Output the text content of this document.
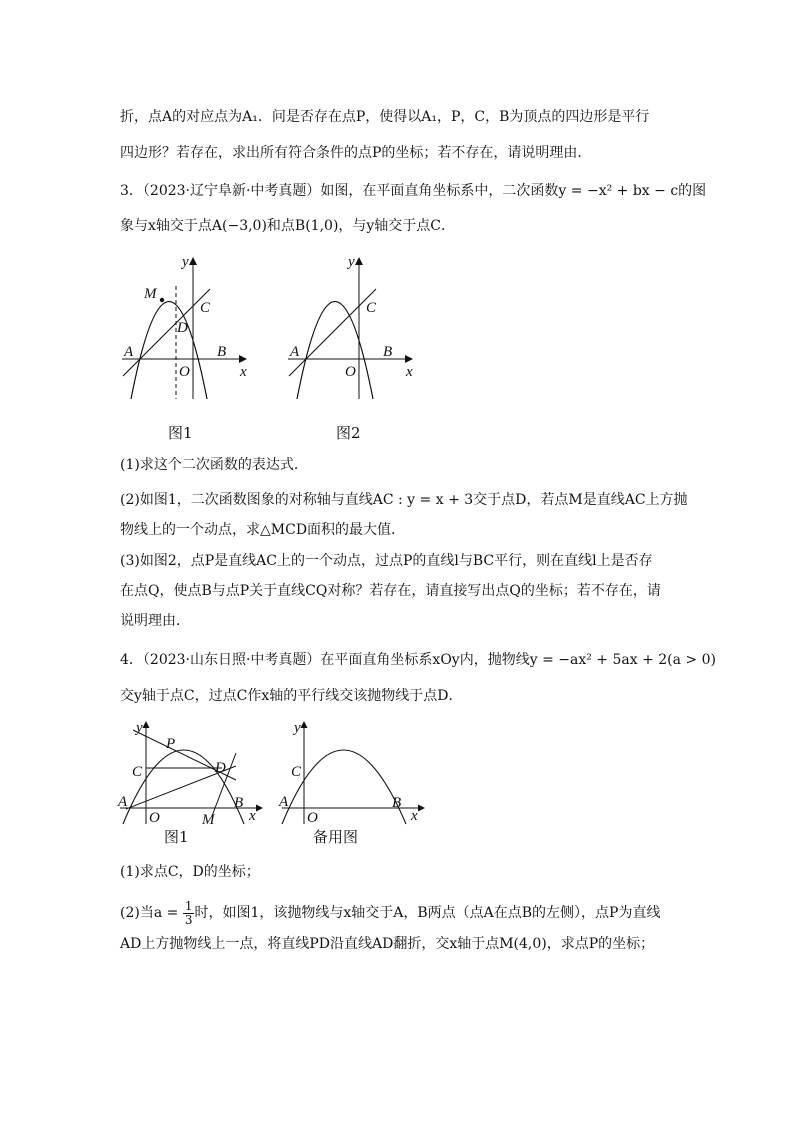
折，点A的对应点为A₁．问是否存在点P，使得以A₁，P，C，B为顶点的四边形是平行
四边形？若存在，求出所有符合条件的点P的坐标；若不存在，请说明理由．
3．（2023·辽宁阜新·中考真题）如图，在平面直角坐标系中，二次函数y = −x² + bx − c的图
象与x轴交于点A(−3,0)和点B(1,0)，与y轴交于点C．
y
x
M
C
D
A	B
O
图1
y
x
C
A	B
O
图2
(1)求这个二次函数的表达式．
(2)如图1，二次函数图象的对称轴与直线AC : y = x + 3交于点D，若点M是直线AC上方抛
物线上的一个动点，求△MCD面积的最大值．
(3)如图2，点P是直线AC上的一个动点，过点P的直线l与BC平行，则在直线l上是否存
在点Q，使点B与点P关于直线CQ对称？若存在，请直接写出点Q的坐标；若不存在，请
说明理由．
4．（2023·山东日照·中考真题）在平面直角坐标系xOy内，抛物线y = −ax² + 5ax + 2(a > 0)
交y轴于点C，过点C作x轴的平行线交该抛物线于点D．
y
x
P
C	D
A	B
O	M
图1
y
x
C
A	B
O
备用图
(1)求点C，D的坐标；
(2)当$a = \frac{1}{3}$ 时，如图1，该抛物线与x轴交于A，B两点（点A在点B的左侧），点P为直线
AD上方抛物线上一点，将直线PD沿直线AD翻折，交x轴于点M(4,0)，求点P的坐标；
